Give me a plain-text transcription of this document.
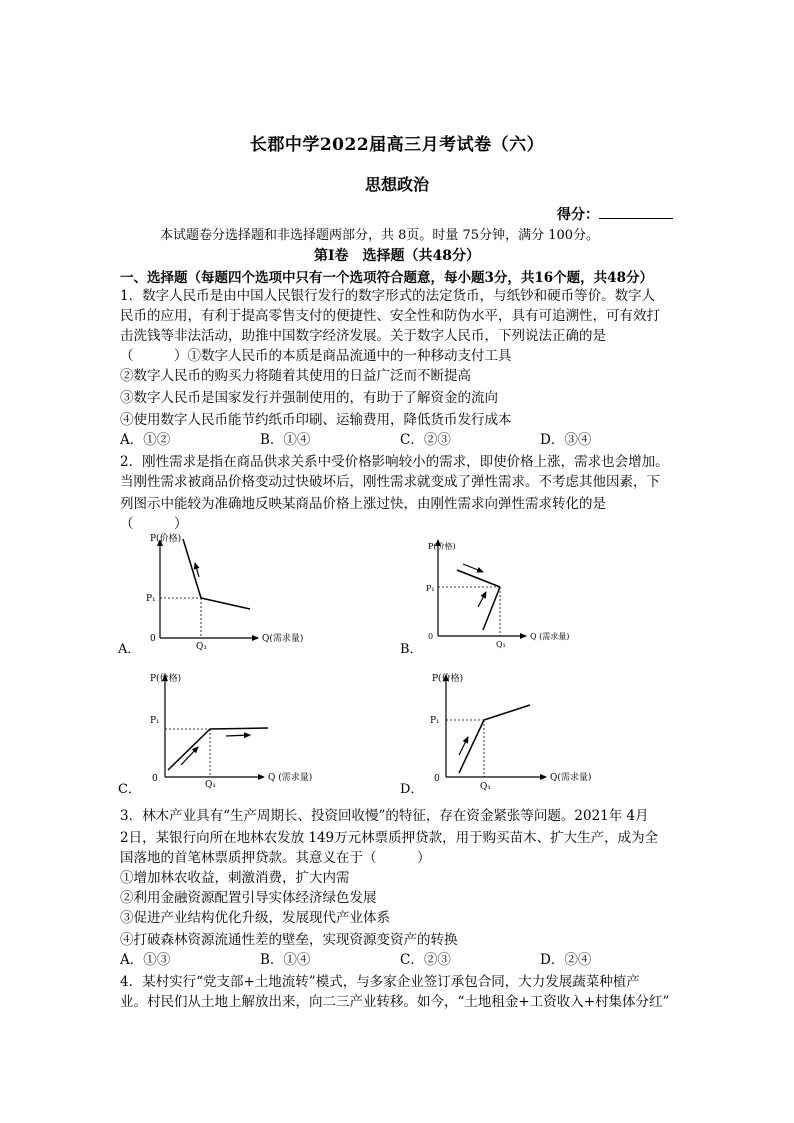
长郡中学2022届高三月考试卷（六）
思想政治
得分：
本试题卷分选择题和非选择题两部分，共 8页。时量 75分钟，满分 100分。
第Ⅰ卷　选择题（共48分）
一、选择题（每题四个选项中只有一个选项符合题意，每小题3分，共16个题，共48分）
1．数字人民币是由中国人民银行发行的数字形式的法定货币，与纸钞和硬币等价。数字人
民币的应用，有利于提高零售支付的便捷性、安全性和防伪水平，具有可追溯性，可有效打
击洗钱等非法活动，助推中国数字经济发展。关于数字人民币，下列说法正确的是
（　　　）①数字人民币的本质是商品流通中的一种移动支付工具
②数字人民币的购买力将随着其使用的日益广泛而不断提高
③数字人民币是国家发行并强制使用的，有助于了解资金的流向
④使用数字人民币能节约纸币印刷、运输费用，降低货币发行成本
A．①②	B．①④	C．②③	D．③④
2．刚性需求是指在商品供求关系中受价格影响较小的需求，即使价格上涨，需求也会增加。
当刚性需求被商品价格变动过快破坏后，刚性需求就变成了弹性需求。不考虑其他因素，下
列图示中能较为准确地反映某商品价格上涨过快，由刚性需求向弹性需求转化的是
（　　　）
P(价格)
Q(需求量)
0
P₁
Q₁
A．
P(价格)
Q (需求量)
0
P₁
Q₁
B．
P(价格)
Q (需求量)
0
P₁
Q₁
C．
P(价格)
Q(需求量)
0
P₁
Q₁
D．
3．林木产业具有“生产周期长、投资回收慢”的特征，存在资金紧张等问题。2021年 4月
2日，某银行向所在地林农发放 149万元林票质押贷款，用于购买苗木、扩大生产，成为全
国落地的首笔林票质押贷款。其意义在于（　　　）
①增加林农收益，刺激消费，扩大内需
②利用金融资源配置引导实体经济绿色发展
③促进产业结构优化升级，发展现代产业体系
④打破森林资源流通性差的壁垒，实现资源变资产的转换
A．①③	B．①④	C．②③	D．②④
4．某村实行“党支部+土地流转”模式，与多家企业签订承包合同，大力发展蔬菜种植产
业。村民们从土地上解放出来，向二三产业转移。如今，“土地租金+工资收入+村集体分红”
